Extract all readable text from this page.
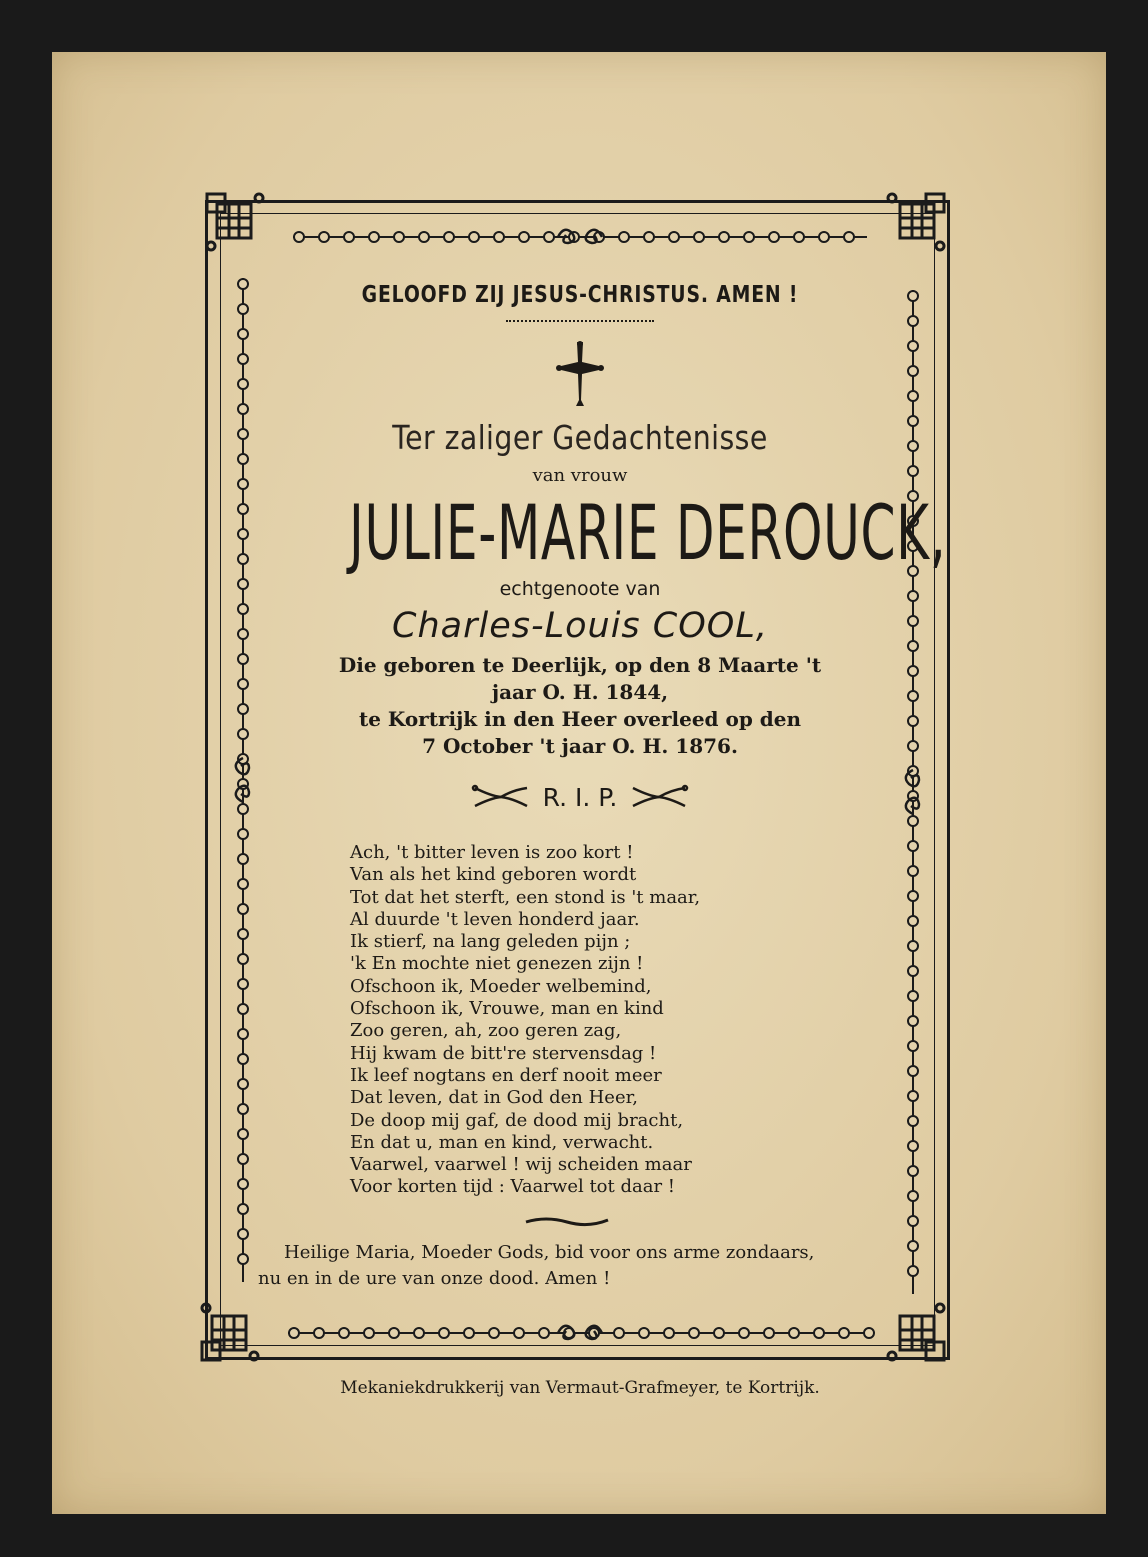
GELOOFD ZIJ JESUS-CHRISTUS. AMEN !
Ter zaliger Gedachtenisse
van vrouw
JULIE-MARIE DEROUCK,
echtgenoote van
Charles-Louis COOL,
Die geboren te Deerlijk, op den 8 Maarte 't
jaar O. H. 1844,
te Kortrijk in den Heer overleed op den
7 October 't jaar O. H. 1876.
R. I. P.
Ach, 't bitter leven is zoo kort !
Van als het kind geboren wordt
Tot dat het sterft, een stond is 't maar,
Al duurde 't leven honderd jaar.
Ik stierf, na lang geleden pijn ;
'k En mochte niet genezen zijn !
Ofschoon ik, Moeder welbemind,
Ofschoon ik, Vrouwe, man en kind
Zoo geren, ah, zoo geren zag,
Hij kwam de bitt're stervensdag !
Ik leef nogtans en derf nooit meer
Dat leven, dat in God den Heer,
De doop mij gaf, de dood mij bracht,
En dat u, man en kind, verwacht.
Vaarwel, vaarwel ! wij scheiden maar
Voor korten tijd : Vaarwel tot daar !
Heilige Maria, Moeder Gods, bid voor ons arme zondaars,
nu en in de ure van onze dood. Amen !
Mekaniekdrukkerij van Vermaut-Grafmeyer, te Kortrijk.
